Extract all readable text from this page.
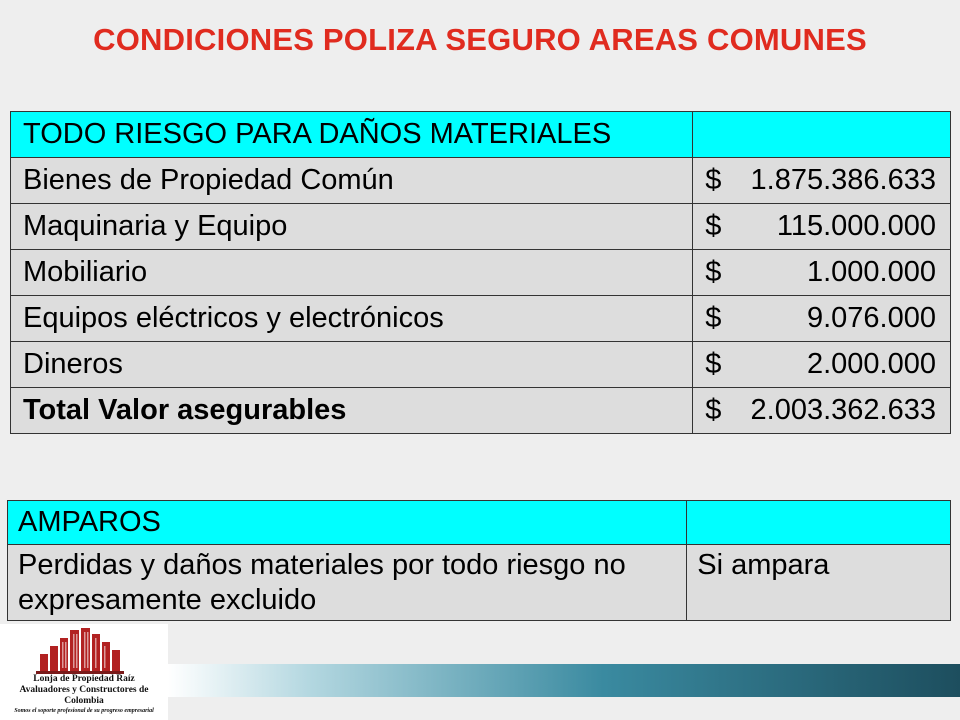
CONDICIONES POLIZA SEGURO AREAS COMUNES
TODO RIESGO PARA DAÑOS MATERIALES	
Bienes de Propiedad Común	$ 1.875.386.633

Maquinaria y Equipo	$ 115.000.000

Mobiliario	$ 1.000.000

Equipos eléctricos y electrónicos	$ 9.076.000

Dineros	$ 2.000.000

Total Valor asegurables	$ 2.003.362.633
AMPAROS	
Perdidas y daños materiales por todo riesgo no expresamente excluido	Si ampara
Lonja de Propiedad Raíz
Avaluadores y Constructores de Colombia
Somos el soporte profesional de su progreso empresarial
